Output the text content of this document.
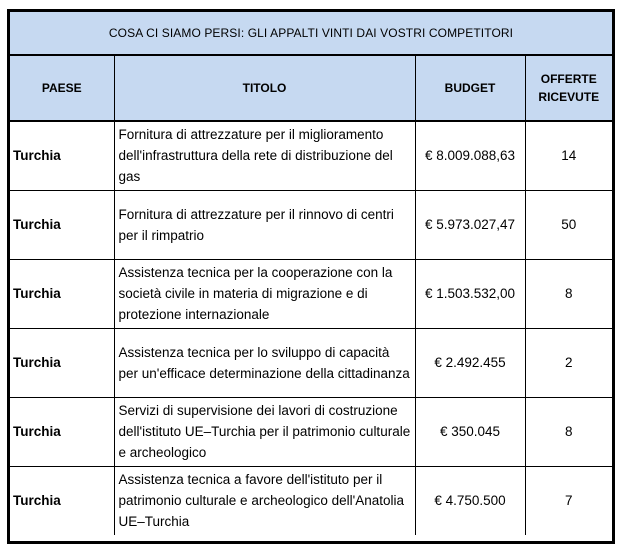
COSA CI SIAMO PERSI: GLI APPALTI VINTI DAI VOSTRI COMPETITORI
PAESE	TITOLO	BUDGET	OFFERTE RICEVUTE
Turchia	Fornitura di attrezzature per il miglioramento dell'infrastruttura della rete di distribuzione del gas	€ 8.009.088,63	14
Turchia	Fornitura di attrezzature per il rinnovo di centri per il rimpatrio	€ 5.973.027,47	50
Turchia	Assistenza tecnica per la cooperazione con la società civile in materia di migrazione e di protezione internazionale	€ 1.503.532,00	8
Turchia	Assistenza tecnica per lo sviluppo di capacità per un'efficace determinazione della cittadinanza	€ 2.492.455	2
Turchia	Servizi di supervisione dei lavori di costruzione dell'istituto UE–Turchia per il patrimonio culturale e archeologico	€ 350.045	8
Turchia	Assistenza tecnica a favore dell'istituto per il patrimonio culturale e archeologico dell'Anatolia UE–Turchia	€ 4.750.500	7
